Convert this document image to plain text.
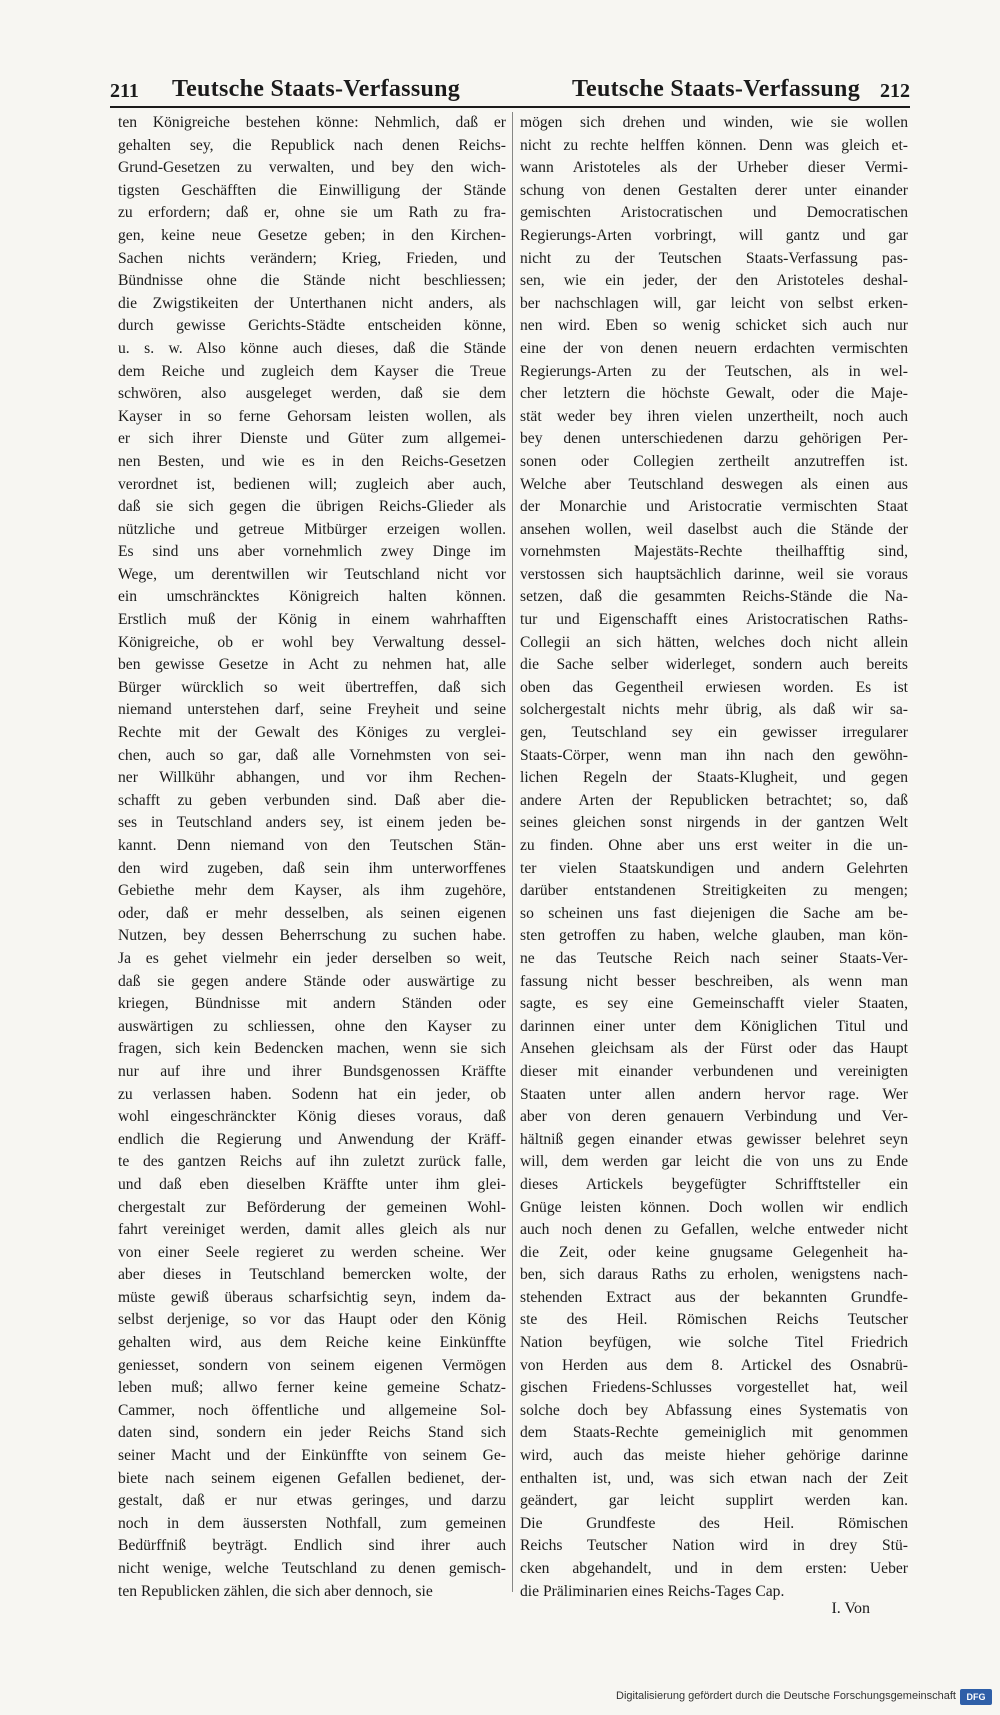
211 Teutsche Staats-Verfassung	Teutsche Staats-Verfassung 212
ten Königreiche bestehen könne: Nehmlich, daß er
gehalten sey, die Republick nach denen Reichs-
Grund-Gesetzen zu verwalten, und bey den wich-
tigsten Geschäfften die Einwilligung der Stände
zu erfordern; daß er, ohne sie um Rath zu fra-
gen, keine neue Gesetze geben; in den Kirchen-
Sachen nichts verändern; Krieg, Frieden, und
Bündnisse ohne die Stände nicht beschliessen;
die Zwigstikeiten der Unterthanen nicht anders, als
durch gewisse Gerichts-Städte entscheiden könne,
u. s. w. Also könne auch dieses, daß die Stände
dem Reiche und zugleich dem Kayser die Treue
schwören, also ausgeleget werden, daß sie dem
Kayser in so ferne Gehorsam leisten wollen, als
er sich ihrer Dienste und Güter zum allgemei-
nen Besten, und wie es in den Reichs-Gesetzen
verordnet ist, bedienen will; zugleich aber auch,
daß sie sich gegen die übrigen Reichs-Glieder als
nützliche und getreue Mitbürger erzeigen wollen.
Es sind uns aber vornehmlich zwey Dinge im
Wege, um derentwillen wir Teutschland nicht vor
ein umschräncktes Königreich halten können.
Erstlich muß der König in einem wahrhafften
Königreiche, ob er wohl bey Verwaltung dessel-
ben gewisse Gesetze in Acht zu nehmen hat, alle
Bürger würcklich so weit übertreffen, daß sich
niemand unterstehen darf, seine Freyheit und seine
Rechte mit der Gewalt des Königes zu verglei-
chen, auch so gar, daß alle Vornehmsten von sei-
ner Willkühr abhangen, und vor ihm Rechen-
schafft zu geben verbunden sind. Daß aber die-
ses in Teutschland anders sey, ist einem jeden be-
kannt. Denn niemand von den Teutschen Stän-
den wird zugeben, daß sein ihm unterworffenes
Gebiethe mehr dem Kayser, als ihm zugehöre,
oder, daß er mehr desselben, als seinen eigenen
Nutzen, bey dessen Beherrschung zu suchen habe.
Ja es gehet vielmehr ein jeder derselben so weit,
daß sie gegen andere Stände oder auswärtige zu
kriegen, Bündnisse mit andern Ständen oder
auswärtigen zu schliessen, ohne den Kayser zu
fragen, sich kein Bedencken machen, wenn sie sich
nur auf ihre und ihrer Bundsgenossen Kräffte
zu verlassen haben. Sodenn hat ein jeder, ob
wohl eingeschränckter König dieses voraus, daß
endlich die Regierung und Anwendung der Kräff-
te des gantzen Reichs auf ihn zuletzt zurück falle,
und daß eben dieselben Kräffte unter ihm glei-
chergestalt zur Beförderung der gemeinen Wohl-
fahrt vereiniget werden, damit alles gleich als nur
von einer Seele regieret zu werden scheine. Wer
aber dieses in Teutschland bemercken wolte, der
müste gewiß überaus scharfsichtig seyn, indem da-
selbst derjenige, so vor das Haupt oder den König
gehalten wird, aus dem Reiche keine Einkünffte
geniesset, sondern von seinem eigenen Vermögen
leben muß; allwo ferner keine gemeine Schatz-
Cammer, noch öffentliche und allgemeine Sol-
daten sind, sondern ein jeder Reichs Stand sich
seiner Macht und der Einkünffte von seinem Ge-
biete nach seinem eigenen Gefallen bedienet, der-
gestalt, daß er nur etwas geringes, und darzu
noch in dem äussersten Nothfall, zum gemeinen
Bedürffniß beyträgt. Endlich sind ihrer auch
nicht wenige, welche Teutschland zu denen gemisch-
ten Republicken zählen, die sich aber dennoch, sie
mögen sich drehen und winden, wie sie wollen
nicht zu rechte helffen können. Denn was gleich et-
wann Aristoteles als der Urheber dieser Vermi-
schung von denen Gestalten derer unter einander
gemischten Aristocratischen und Democratischen
Regierungs-Arten vorbringt, will gantz und gar
nicht zu der Teutschen Staats-Verfassung pas-
sen, wie ein jeder, der den Aristoteles deshal-
ber nachschlagen will, gar leicht von selbst erken-
nen wird. Eben so wenig schicket sich auch nur
eine der von denen neuern erdachten vermischten
Regierungs-Arten zu der Teutschen, als in wel-
cher letztern die höchste Gewalt, oder die Maje-
stät weder bey ihren vielen unzertheilt, noch auch
bey denen unterschiedenen darzu gehörigen Per-
sonen oder Collegien zertheilt anzutreffen ist.
Welche aber Teutschland deswegen als einen aus
der Monarchie und Aristocratie vermischten Staat
ansehen wollen, weil daselbst auch die Stände der
vornehmsten Majestäts-Rechte theilhafftig sind,
verstossen sich hauptsächlich darinne, weil sie voraus
setzen, daß die gesammten Reichs-Stände die Na-
tur und Eigenschafft eines Aristocratischen Raths-
Collegii an sich hätten, welches doch nicht allein
die Sache selber widerleget, sondern auch bereits
oben das Gegentheil erwiesen worden. Es ist
solchergestalt nichts mehr übrig, als daß wir sa-
gen, Teutschland sey ein gewisser irregularer
Staats-Cörper, wenn man ihn nach den gewöhn-
lichen Regeln der Staats-Klugheit, und gegen
andere Arten der Republicken betrachtet; so, daß
seines gleichen sonst nirgends in der gantzen Welt
zu finden. Ohne aber uns erst weiter in die un-
ter vielen Staatskundigen und andern Gelehrten
darüber entstandenen Streitigkeiten zu mengen;
so scheinen uns fast diejenigen die Sache am be-
sten getroffen zu haben, welche glauben, man kön-
ne das Teutsche Reich nach seiner Staats-Ver-
fassung nicht besser beschreiben, als wenn man
sagte, es sey eine Gemeinschafft vieler Staaten,
darinnen einer unter dem Königlichen Titul und
Ansehen gleichsam als der Fürst oder das Haupt
dieser mit einander verbundenen und vereinigten
Staaten unter allen andern hervor rage. Wer
aber von deren genauern Verbindung und Ver-
hältniß gegen einander etwas gewisser belehret seyn
will, dem werden gar leicht die von uns zu Ende
dieses Artickels beygefügter Schrifftsteller ein
Gnüge leisten können. Doch wollen wir endlich
auch noch denen zu Gefallen, welche entweder nicht
die Zeit, oder keine gnugsame Gelegenheit ha-
ben, sich daraus Raths zu erholen, wenigstens nach-
stehenden Extract aus der bekannten Grundfe-
ste des Heil. Römischen Reichs Teutscher
Nation beyfügen, wie solche Titel Friedrich
von Herden aus dem 8. Artickel des Osnabrü-
gischen Friedens-Schlusses vorgestellet hat, weil
solche doch bey Abfassung eines Systematis von
dem Staats-Rechte gemeiniglich mit genommen
wird, auch das meiste hieher gehörige darinne
enthalten ist, und, was sich etwan nach der Zeit
geändert, gar leicht supplirt werden kan.
Die Grundfeste des Heil. Römischen
Reichs Teutscher Nation wird in drey Stü-
cken abgehandelt, und in dem ersten: Ueber
die Präliminarien eines Reichs-Tages Cap.
I. Von
Digitalisierung gefördert durch die Deutsche Forschungsgemeinschaft	DFG
